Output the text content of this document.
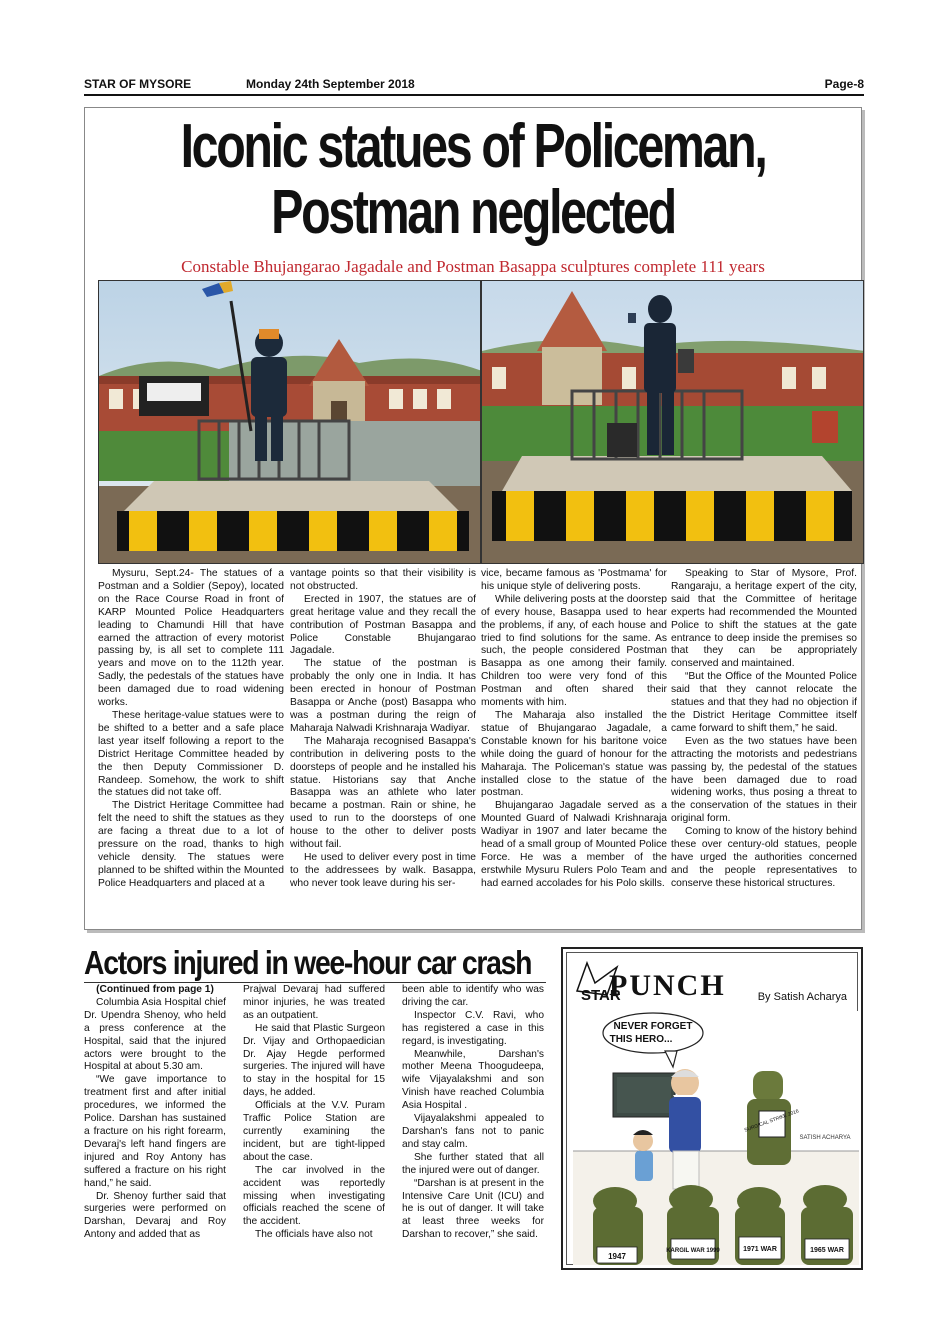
STAR OF MYSORE	Monday 24th September 2018	Page-8
Iconic statues of Policeman,
Postman neglected
Constable Bhujangarao Jagadale and Postman Basappa sculptures complete 111 years

Mysuru, Sept.24- The statues of a Postman and a Soldier (Sepoy), located on the Race Course Road in front of KARP Mounted Police Headquarters leading to Chamundi Hill that have earned the attraction of every motorist passing by, is all set to complete 111 years and move on to the 112th year. Sadly, the pedestals of the statues have been damaged due to road widening works.

These heritage-value statues were to be shifted to a better and a safe place last year itself following a report to the District Heritage Committee headed by the then Deputy Commissioner D. Randeep. Somehow, the work to shift the statues did not take off.

The District Heritage Committee had felt the need to shift the statues as they are facing a threat due to a lot of pressure on the road, thanks to high vehicle density. The statues were planned to be shifted within the Mounted Police Headquarters and placed at a

vantage points so that their visibility is not obstructed.

Erected in 1907, the statues are of great heritage value and they recall the contribution of Postman Basappa and Police Constable Bhujangarao Jagadale.

The statue of the postman is probably the only one in India. It has been erected in honour of Postman Basappa or Anche (post) Basappa who was a postman during the reign of Maharaja Nalwadi Krishnaraja Wadiyar.

The Maharaja recognised Basappa's contribution in delivering posts to the doorsteps of people and he installed his statue. Historians say that Anche Basappa was an athlete who later became a postman. Rain or shine, he used to run to the doorsteps of one house to the other to deliver posts without fail.

He used to deliver every post in time to the addressees by walk. Basappa, who never took leave during his ser-

vice, became famous as 'Postmama' for his unique style of delivering posts.

While delivering posts at the doorstep of every house, Basappa used to hear the problems, if any, of each house and tried to find solutions for the same. As such, the people considered Postman Basappa as one among their family. Children too were very fond of this Postman and often shared their moments with him.

The Maharaja also installed the statue of Bhujangarao Jagadale, a Constable known for his baritone voice while doing the guard of honour for the Maharaja. The Policeman's statue was installed close to the statue of the postman.

Bhujangarao Jagadale served as a Mounted Guard of Nalwadi Krishnaraja Wadiyar in 1907 and later became the head of a small group of Mounted Police Force. He was a member of the erstwhile Mysuru Rulers Polo Team and had earned accolades for his Polo skills.

Speaking to Star of Mysore, Prof. Rangaraju, a heritage expert of the city, said that the Committee of heritage experts had recommended the Mounted Police to shift the statues at the gate entrance to deep inside the premises so that they can be appropriately conserved and maintained.

“But the Office of the Mounted Police said that they cannot relocate the statues and that they had no objection if the District Heritage Committee itself came forward to shift them,” he said.

Even as the two statues have been attracting the motorists and pedestrians passing by, the pedestal of the statues have been damaged due to road widening works, thus posing a threat to the conservation of the statues in their original form.

Coming to know of the history behind these over century-old statues, people have urged the authorities concerned and the people representatives to conserve these historical structures.

Actors injured in wee-hour car crash
(Continued from page 1)

Columbia Asia Hospital chief Dr. Upendra Shenoy, who held a press conference at the Hospital, said that the injured actors were brought to the Hospital at about 5.30 am.

“We gave importance to treatment first and after initial procedures, we informed the Police. Darshan has sustained a fracture on his right forearm, Devaraj's left hand fingers are injured and Roy Antony has suffered a fracture on his right hand,” he said.

Dr. Shenoy further said that surgeries were performed on Darshan, Devaraj and Roy Antony and added that as

Prajwal Devaraj had suffered minor injuries, he was treated as an outpatient.

He said that Plastic Surgeon Dr. Vijay and Orthopaedician Dr. Ajay Hegde performed surgeries. The injured will have to stay in the hospital for 15 days, he added.

Officials at the V.V. Puram Traffic Police Station are currently examining the incident, but are tight-lipped about the case.

The car involved in the accident was reportedly missing when investigating officials reached the scene of the accident.

The officials have also not

been able to identify who was driving the car.

Inspector C.V. Ravi, who has registered a case in this regard, is investigating.

Meanwhile, Darshan's mother Meena Thoogudeepa, wife Vijayalakshmi and son Vinish have reached Columbia Asia Hospital .

Vijayalakshmi appealed to Darshan's fans not to panic and stay calm.

She further stated that all the injured were out of danger.

“Darshan is at present in the Intensive Care Unit (ICU) and he is out of danger. It will take at least three weeks for Darshan to recover,” she said.

STAR
PUNCH	By Satish Acharya
NEVER FORGET
THIS HERO...
SURGICAL STRIKE 2016
SATISH ACHARYA
1947
KARGIL WAR 1999	1971 WAR	1965 WAR
